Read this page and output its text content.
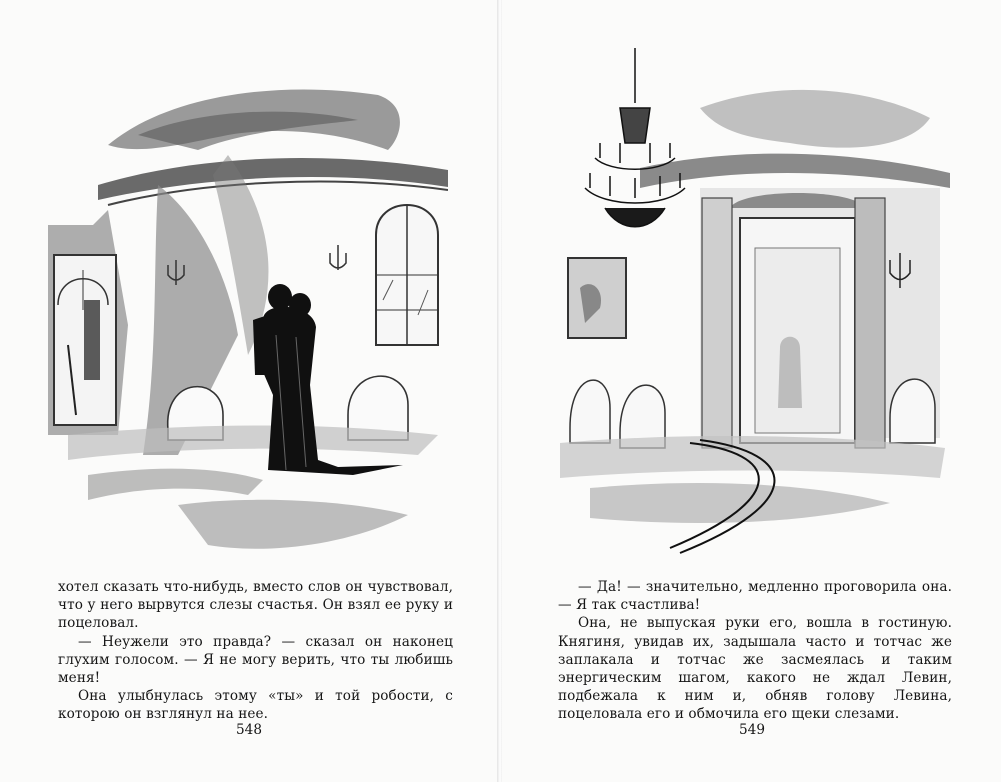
хотел сказать что-нибудь, вместо слов он чувствовал, что у него вырвутся слезы счастья. Он взял ее руку и поцеловал.

— Неужели это правда? — сказал он наконец глухим голосом. — Я не могу верить, что ты любишь меня!

Она улыбнулась этому «ты» и той робости, с которою он взглянул на нее.

548

— Да! — значительно, медленно проговорила она. — Я так счастлива!

Она, не выпуская руки его, вошла в гостиную. Княгиня, увидав их, задышала часто и тотчас же заплакала и тотчас же засмеялась и таким энергическим шагом, какого не ждал Левин, подбежала к ним и, обняв голову Левина, поцеловала его и обмочила его щеки слезами.

549
